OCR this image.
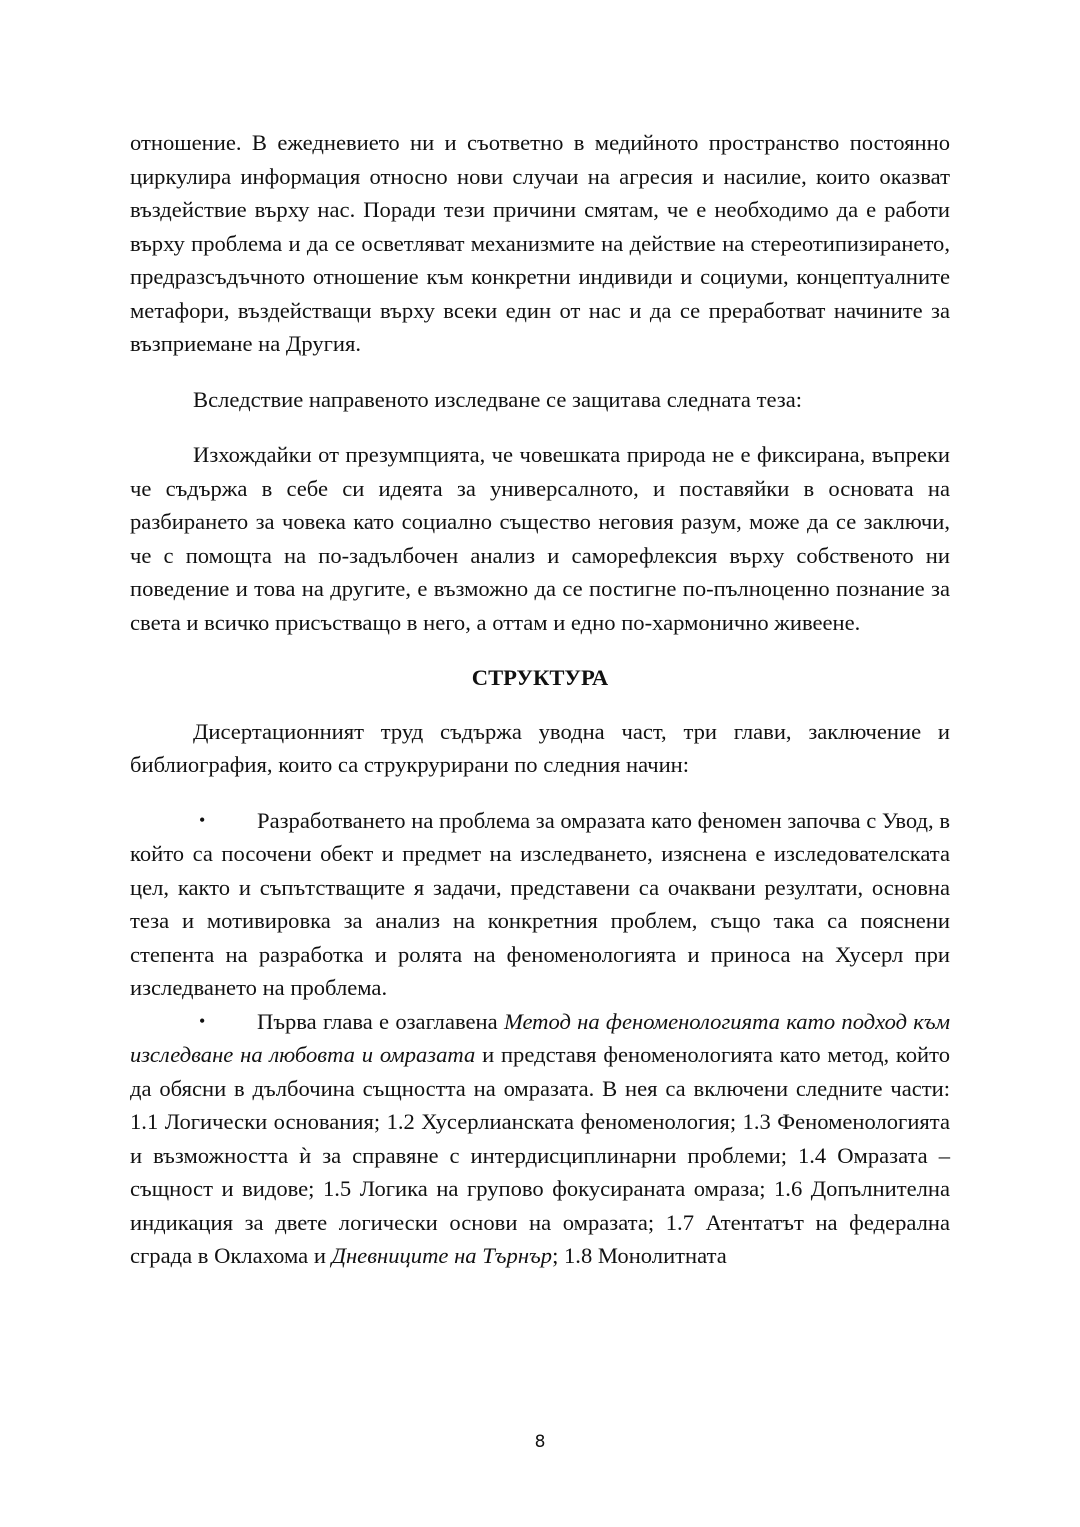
отношение. В ежедневието ни и съответно в медийното пространство постоянно циркулира информация относно нови случаи на агресия и насилие, които оказват въздействие върху нас. Поради тези причини смятам, че е необходимо да е работи върху проблема и да се осветляват механизмите на действие на стереотипизирането, предразсъдъчното отношение към конкретни индивиди и социуми, концептуалните метафори, въздействащи върху всеки един от нас и да се преработват начините за възприемане на Другия.

Вследствие направеното изследване се защитава следната теза:

Изхождайки от презумпцията, че човешката природа не е фиксирана, въпреки че съдържа в себе си идеята за универсалното, и поставяйки в основата на разбирането за човека като социално същество неговия разум, може да се заключи, че с помощта на по-задълбочен анализ и саморефлексия върху собственото ни поведение и това на другите, е възможно да се постигне по-пълноценно познание за света и всичко присъстващо в него, а оттам и едно по-хармонично живеене.

СТРУКТУРА

Дисертационният труд съдържа уводна част, три глави, заключение и библиография, които са струкрурирани по следния начин:

• Разработването на проблема за омразата като феномен започва с Увод, в който са посочени обект и предмет на изследването, изяснена е изследователската цел, както и съпътстващите я задачи, представени са очаквани резултати, основна теза и мотивировка за анализ на конкретния проблем, също така са пояснени степента на разработка и ролята на феноменологията и приноса на Хусерл при изследването на проблема.

• Първа глава е озаглавена Метод на феноменологията като подход към изследване на любовта и омразата и представя феноменологията като метод, който да обясни в дълбочина същността на омразата. В нея са включени следните части: 1.1 Логически основания; 1.2 Хусерлианската феноменология; 1.3 Феноменологията и възможността ѝ за справяне с интердисциплинарни проблеми; 1.4 Омразата – същност и видове; 1.5 Логика на групово фокусираната омраза; 1.6 Допълнителна индикация за двете логически основи на омразата; 1.7 Атентатът на федерална сграда в Оклахома и Дневниците на Търнър; 1.8 Монолитната

8
